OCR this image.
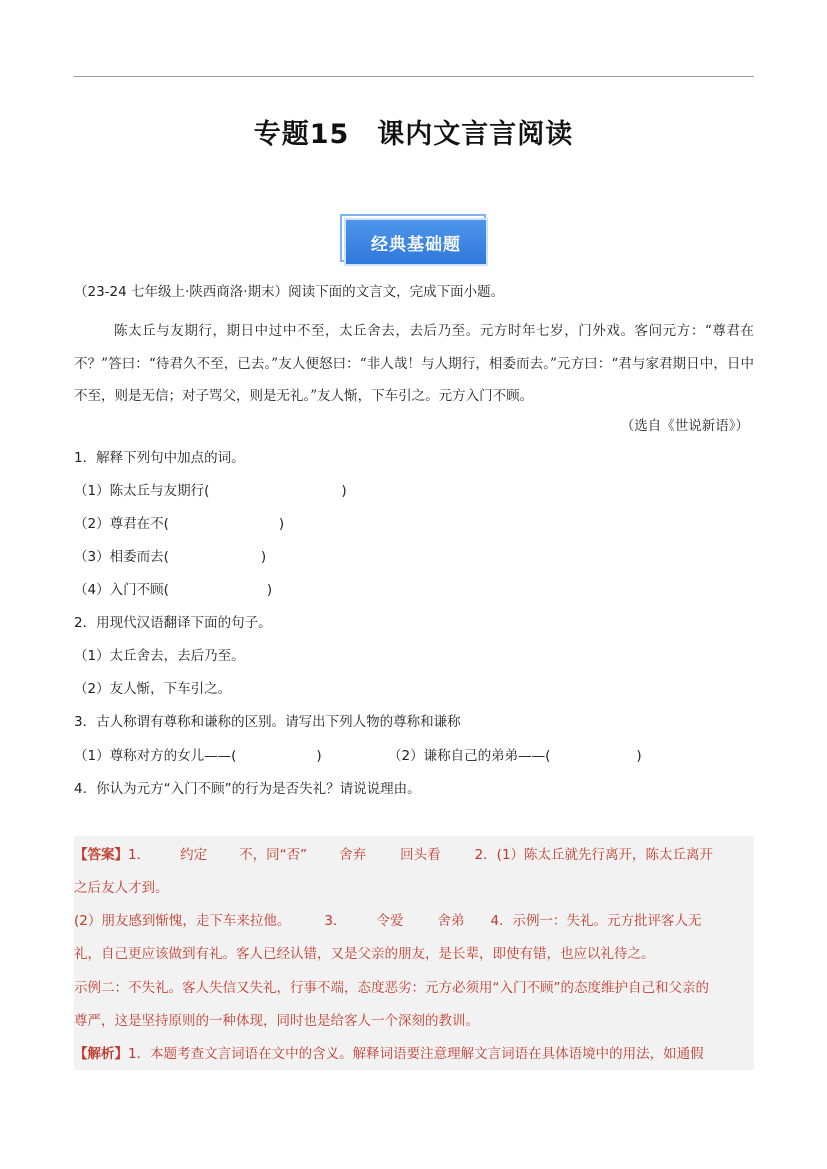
专题15　课内文言言阅读
经典基础题
（23-24 七年级上·陕西商洛·期末）阅读下面的文言文，完成下面小题。
陈太丘与友期行，期日中过中不至，太丘舍去，去后乃至。元方时年七岁，门外戏。客问元方：“尊君在不？”答曰：“待君久不至，已去。”友人便怒曰：“非人哉！与人期行，相委而去。”元方曰：“君与家君期日中，日中不至，则是无信；对子骂父，则是无礼。”友人惭，下车引之。元方入门不顾。
（选自《世说新语》）
1．解释下列句中加点的词。
（1）陈太丘与友期行(	)
（2）尊君在不(	)
（3）相委而去(	)
（4）入门不顾(	)
2．用现代汉语翻译下面的句子。
（1）太丘舍去，去后乃至。
（2）友人惭，下车引之。
3．古人称谓有尊称和谦称的区别。请写出下列人物的尊称和谦称
（1）尊称对方的女儿——(	)	（2）谦称自己的弟弟——(	)
4．你认为元方“入门不顾”的行为是否失礼？请说说理由。
【答案】1． 约定 不，同“否” 舍弃	回头看	2．(1）陈太丘就先行离开，陈太丘离开
之后友人才到。
(2）朋友感到惭愧，走下车来拉他。	3． 令爱	舍弟 4．示例一：失礼。元方批评客人无
礼，自己更应该做到有礼。客人已经认错，又是父亲的朋友，是长辈，即使有错，也应以礼待之。
示例二：不失礼。客人失信又失礼，行事不端，态度恶劣：元方必须用“入门不顾”的态度维护自己和父亲的
尊严，这是坚持原则的一种体现，同时也是给客人一个深刻的教训。
【解析】1．本题考查文言词语在文中的含义。解释词语要注意理解文言词语在具体语境中的用法，如通假
